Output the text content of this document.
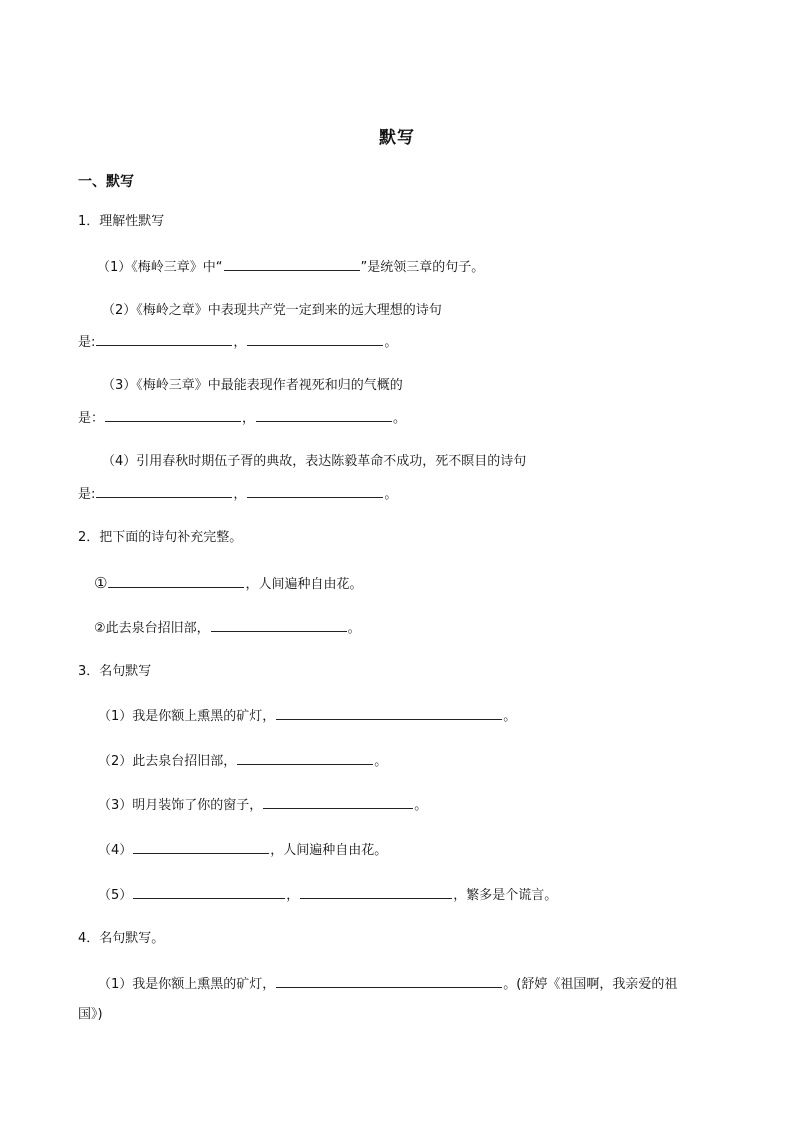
默写
一、默写
1．理解性默写
（1）《梅岭三章》中“	”是统领三章的句子。
（2）《梅岭之章》中表现共产党一定到来的远大理想的诗句
是:	，	。
（3）《梅岭三章》中最能表现作者视死和归的气概的
是：	，	。
（4）引用春秋时期伍子胥的典故，表达陈毅革命不成功，死不瞑目的诗句
是:	，	。
2．把下面的诗句补充完整。
①	，人间遍种自由花。
②此去泉台招旧部，	。
3．名句默写
（1）我是你额上熏黑的矿灯，	。
（2）此去泉台招旧部，	。
（3）明月装饰了你的窗子，	。
（4）	，人间遍种自由花。
（5）	，	，繁多是个谎言。
4．名句默写。
（1）我是你额上熏黑的矿灯，	。(舒婷《祖国啊，我亲爱的祖
国》)
